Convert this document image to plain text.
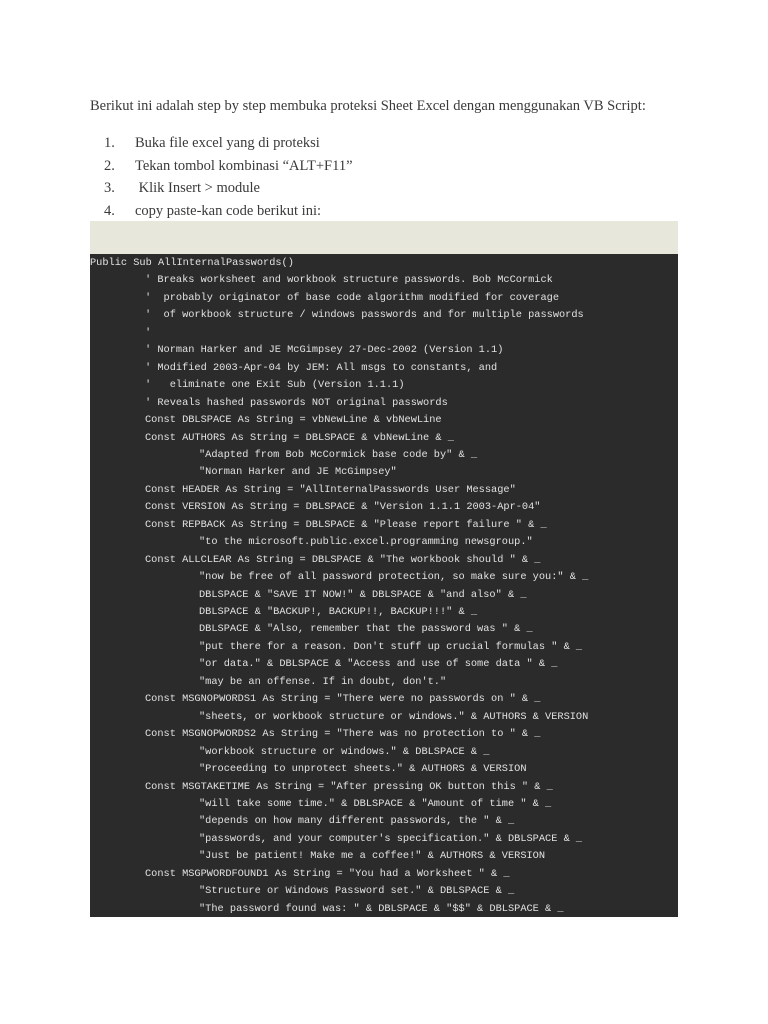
Berikut ini adalah step by step membuka proteksi Sheet Excel dengan menggunakan VB Script:

1. Buka file excel yang di proteksi
2. Tekan tombol kombinasi “ALT+F11”
3. Klik Insert > module
4. copy paste-kan code berikut ini:
Public Sub AllInternalPasswords()
' Breaks worksheet and workbook structure passwords. Bob McCormick
'  probably originator of base code algorithm modified for coverage
'  of workbook structure / windows passwords and for multiple passwords
'
' Norman Harker and JE McGimpsey 27-Dec-2002 (Version 1.1)
' Modified 2003-Apr-04 by JEM: All msgs to constants, and
'   eliminate one Exit Sub (Version 1.1.1)
' Reveals hashed passwords NOT original passwords
Const DBLSPACE As String = vbNewLine & vbNewLine
Const AUTHORS As String = DBLSPACE & vbNewLine & _
"Adapted from Bob McCormick base code by" & _
"Norman Harker and JE McGimpsey"
Const HEADER As String = "AllInternalPasswords User Message"
Const VERSION As String = DBLSPACE & "Version 1.1.1 2003-Apr-04"
Const REPBACK As String = DBLSPACE & "Please report failure " & _
"to the microsoft.public.excel.programming newsgroup."
Const ALLCLEAR As String = DBLSPACE & "The workbook should " & _
"now be free of all password protection, so make sure you:" & _
DBLSPACE & "SAVE IT NOW!" & DBLSPACE & "and also" & _
DBLSPACE & "BACKUP!, BACKUP!!, BACKUP!!!" & _
DBLSPACE & "Also, remember that the password was " & _
"put there for a reason. Don't stuff up crucial formulas " & _
"or data." & DBLSPACE & "Access and use of some data " & _
"may be an offense. If in doubt, don't."
Const MSGNOPWORDS1 As String = "There were no passwords on " & _
"sheets, or workbook structure or windows." & AUTHORS & VERSION
Const MSGNOPWORDS2 As String = "There was no protection to " & _
"workbook structure or windows." & DBLSPACE & _
"Proceeding to unprotect sheets." & AUTHORS & VERSION
Const MSGTAKETIME As String = "After pressing OK button this " & _
"will take some time." & DBLSPACE & "Amount of time " & _
"depends on how many different passwords, the " & _
"passwords, and your computer's specification." & DBLSPACE & _
"Just be patient! Make me a coffee!" & AUTHORS & VERSION
Const MSGPWORDFOUND1 As String = "You had a Worksheet " & _
"Structure or Windows Password set." & DBLSPACE & _
"The password found was: " & DBLSPACE & "$$" & DBLSPACE & _
